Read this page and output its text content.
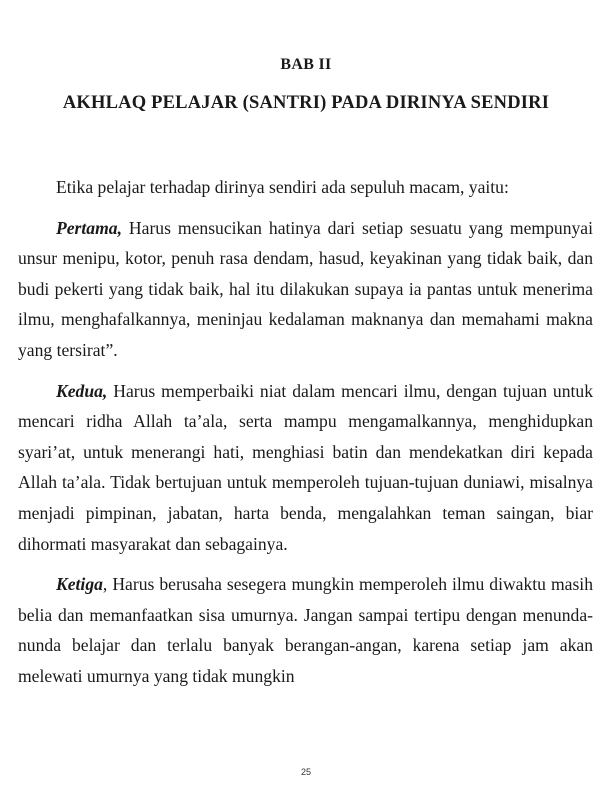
BAB II
AKHLAQ PELAJAR (SANTRI) PADA DIRINYA SENDIRI

Etika pelajar terhadap dirinya sendiri ada sepuluh macam, yaitu:

Pertama, Harus mensucikan hatinya dari setiap sesuatu yang mempunyai unsur menipu, kotor, penuh rasa dendam, hasud, keyakinan yang tidak baik, dan budi pekerti yang tidak baik, hal itu dilakukan supaya ia pantas untuk menerima ilmu, menghafalkannya, meninjau kedalaman maknanya dan memahami makna yang tersirat”.

Kedua, Harus memperbaiki niat dalam mencari ilmu, dengan tujuan untuk mencari ridha Allah ta’ala, serta mampu mengamalkannya, menghidupkan syari’at, untuk menerangi hati, menghiasi batin dan mendekatkan diri kepada Allah ta’ala. Tidak bertujuan untuk memperoleh tujuan-tujuan duniawi, misalnya menjadi pimpinan, jabatan, harta benda, mengalahkan teman saingan, biar dihormati masyarakat dan sebagainya.

Ketiga, Harus berusaha sesegera mungkin memperoleh ilmu diwaktu masih belia dan memanfaatkan sisa umurnya. Jangan sampai tertipu dengan menunda-nunda belajar dan terlalu banyak berangan-angan, karena setiap jam akan melewati umurnya yang tidak mungkin

25
